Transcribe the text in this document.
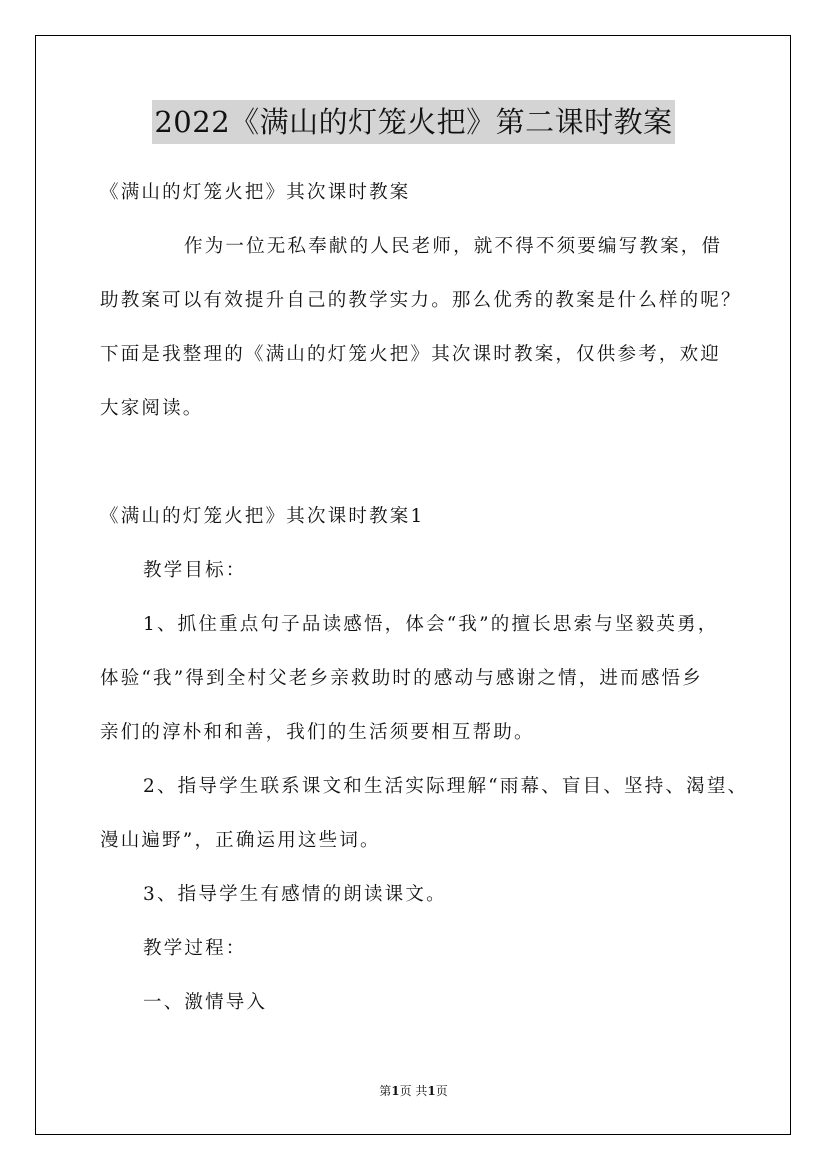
2022《满山的灯笼火把》第二课时教案
《满山的灯笼火把》其次课时教案
作为一位无私奉献的人民老师，就不得不须要编写教案，借
助教案可以有效提升自己的教学实力。那么优秀的教案是什么样的呢？
下面是我整理的《满山的灯笼火把》其次课时教案，仅供参考，欢迎
大家阅读。
《满山的灯笼火把》其次课时教案1
教学目标：
1、抓住重点句子品读感悟，体会“我”的擅长思索与坚毅英勇，
体验“我”得到全村父老乡亲救助时的感动与感谢之情，进而感悟乡
亲们的淳朴和和善，我们的生活须要相互帮助。
2、指导学生联系课文和生活实际理解“雨幕、盲目、坚持、渴望、
漫山遍野”，正确运用这些词。
3、指导学生有感情的朗读课文。
教学过程：
一、激情导入
第1页 共1页
